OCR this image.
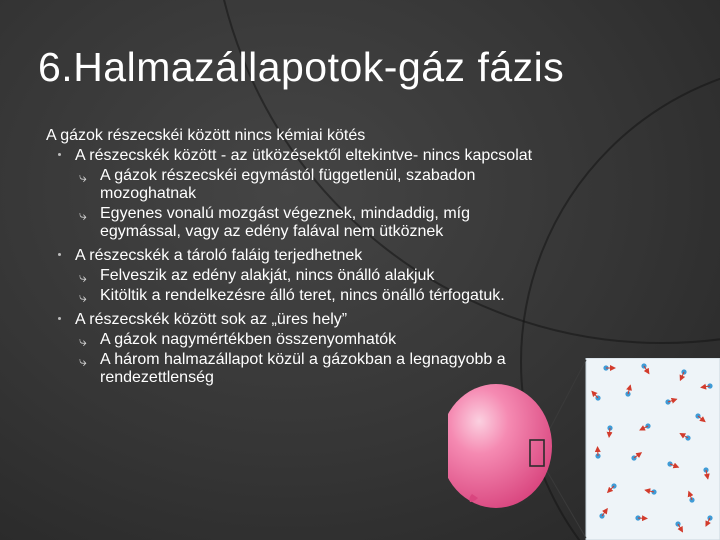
6.Halmazállapotok-gáz fázis
A gázok részecskéi között nincs kémiai kötés
A részecskék között - az ütközésektől eltekintve- nincs kapcsolat
⤷ A gázok részecskéi egymástól függetlenül, szabadon mozoghatnak
⤷ Egyenes vonalú mozgást végeznek, mindaddig, míg egymással, vagy az edény falával nem ütköznek
A részecskék a tároló faláig terjedhetnek
⤷ Felveszik az edény alakját, nincs önálló alakjuk
⤷ Kitöltik a rendelkezésre álló teret, nincs önálló térfogatuk.
A részecskék között sok az „üres hely”
⤷ A gázok nagymértékben összenyomhatók
⤷ A három halmazállapot közül a gázokban a legnagyobb a rendezettlenség
